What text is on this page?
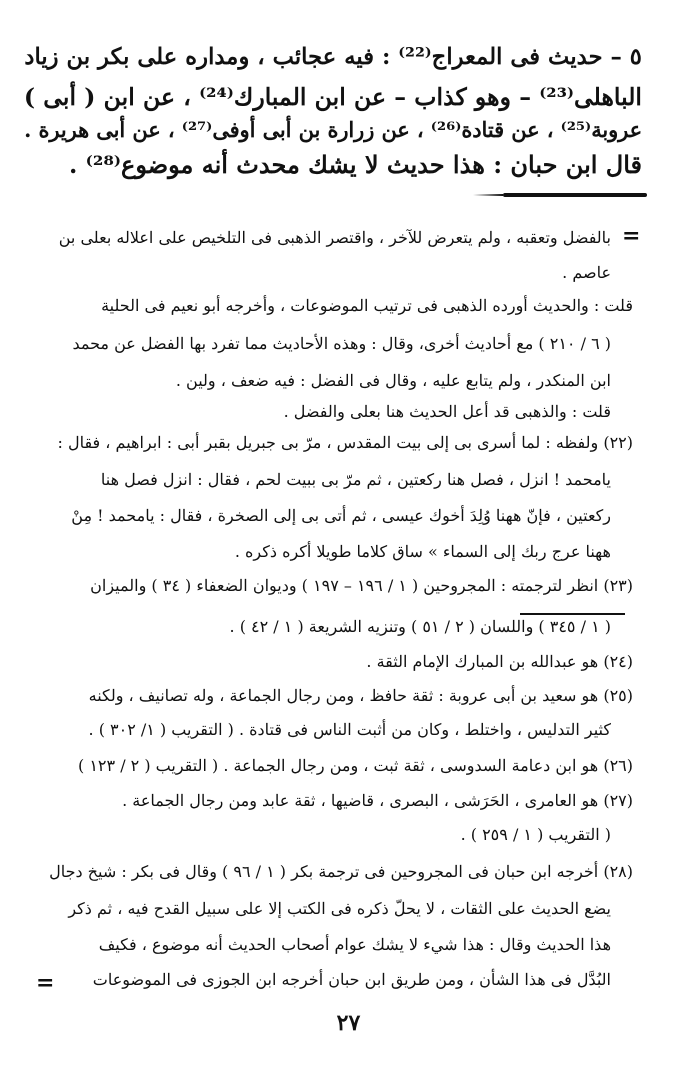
٥ – حديث فى المعراج⁽²²⁾ : فيه عجائب ، ومداره على بكر بن زياد
الباهلى⁽²³⁾ – وهو كذاب – عن ابن المبارك⁽²⁴⁾ ، عن ابن ( أبى )
عروبة⁽²⁵⁾ ، عن قتادة⁽²⁶⁾ ، عن زرارة بن أبى أوفى⁽²⁷⁾ ، عن أبى هريرة .
قال ابن حبان : هذا حديث لا يشك محدث أنه موضوع⁽²⁸⁾ .
=
بالفضل وتعقبه ، ولم يتعرض للآخر ، واقتصر الذهبى فى التلخيص على اعلاله بعلى بن
عاصم .
قلت : والحديث أورده الذهبى فى ترتيب الموضوعات ، وأخرجه أبو نعيم فى الحلية
( ٦ / ٢١٠ ) مع أحاديث أخرى، وقال : وهذه الأحاديث مما تفرد بها الفضل عن محمد
ابن المنكدر ، ولم يتابع عليه ، وقال فى الفضل : فيه ضعف ، ولين .
قلت : والذهبى قد أعل الحديث هنا بعلى والفضل .
(٢٢) ولفظه : لما أسرى بى إلى بيت المقدس ، مرّ بى جبريل بقبر أبى : ابراهيم ، فقال :
يامحمد ! انزل ، فصل هنا ركعتين ، ثم مرّ بى ببيت لحم ، فقال : انزل فصل هنا
ركعتين ، فإنّ ههنا وُلِدَ أخوك عيسى ، ثم أتى بى إلى الصخرة ، فقال : يامحمد ! مِنْ
ههنا عرج ربك إلى السماء » ساق كلاما طويلا أكره ذكره .
(٢٣) انظر لترجمته : المجروحين ( ١ / ١٩٦ – ١٩٧ ) وديوان الضعفاء ( ٣٤ ) والميزان
( ١ / ٣٤٥ ) واللسان ( ٢ / ٥١ ) وتنزيه الشريعة ( ١ / ٤٢ ) .
(٢٤) هو عبدالله بن المبارك الإمام الثقة .
(٢٥) هو سعيد بن أبى عروبة : ثقة حافظ ، ومن رجال الجماعة ، وله تصانيف ، ولكنه
كثير التدليس ، واختلط ، وكان من أثبت الناس فى قتادة . ( التقريب ( ١/ ٣٠٢ ) .
(٢٦) هو ابن دعامة السدوسى ، ثقة ثبت ، ومن رجال الجماعة . ( التقريب ( ٢ / ١٢٣ )
(٢٧) هو العامرى ، الحَرَشى ، البصرى ، قاضيها ، ثقة عابد ومن رجال الجماعة .
( التقريب ( ١ / ٢٥٩ ) .
(٢٨) أخرجه ابن حبان فى المجروحين فى ترجمة بكر ( ١ / ٩٦ ) وقال فى بكر : شيخ دجال
يضع الحديث على الثقات ، لا يحلّ ذكره فى الكتب إلا على سبيل القدح فيه ، ثم ذكر
هذا الحديث وقال : هذا شيء لا يشك عوام أصحاب الحديث أنه موضوع ، فكيف
البُدَّل فى هذا الشأن ، ومن طريق ابن حبان أخرجه ابن الجوزى فى الموضوعات
=
٢٧
